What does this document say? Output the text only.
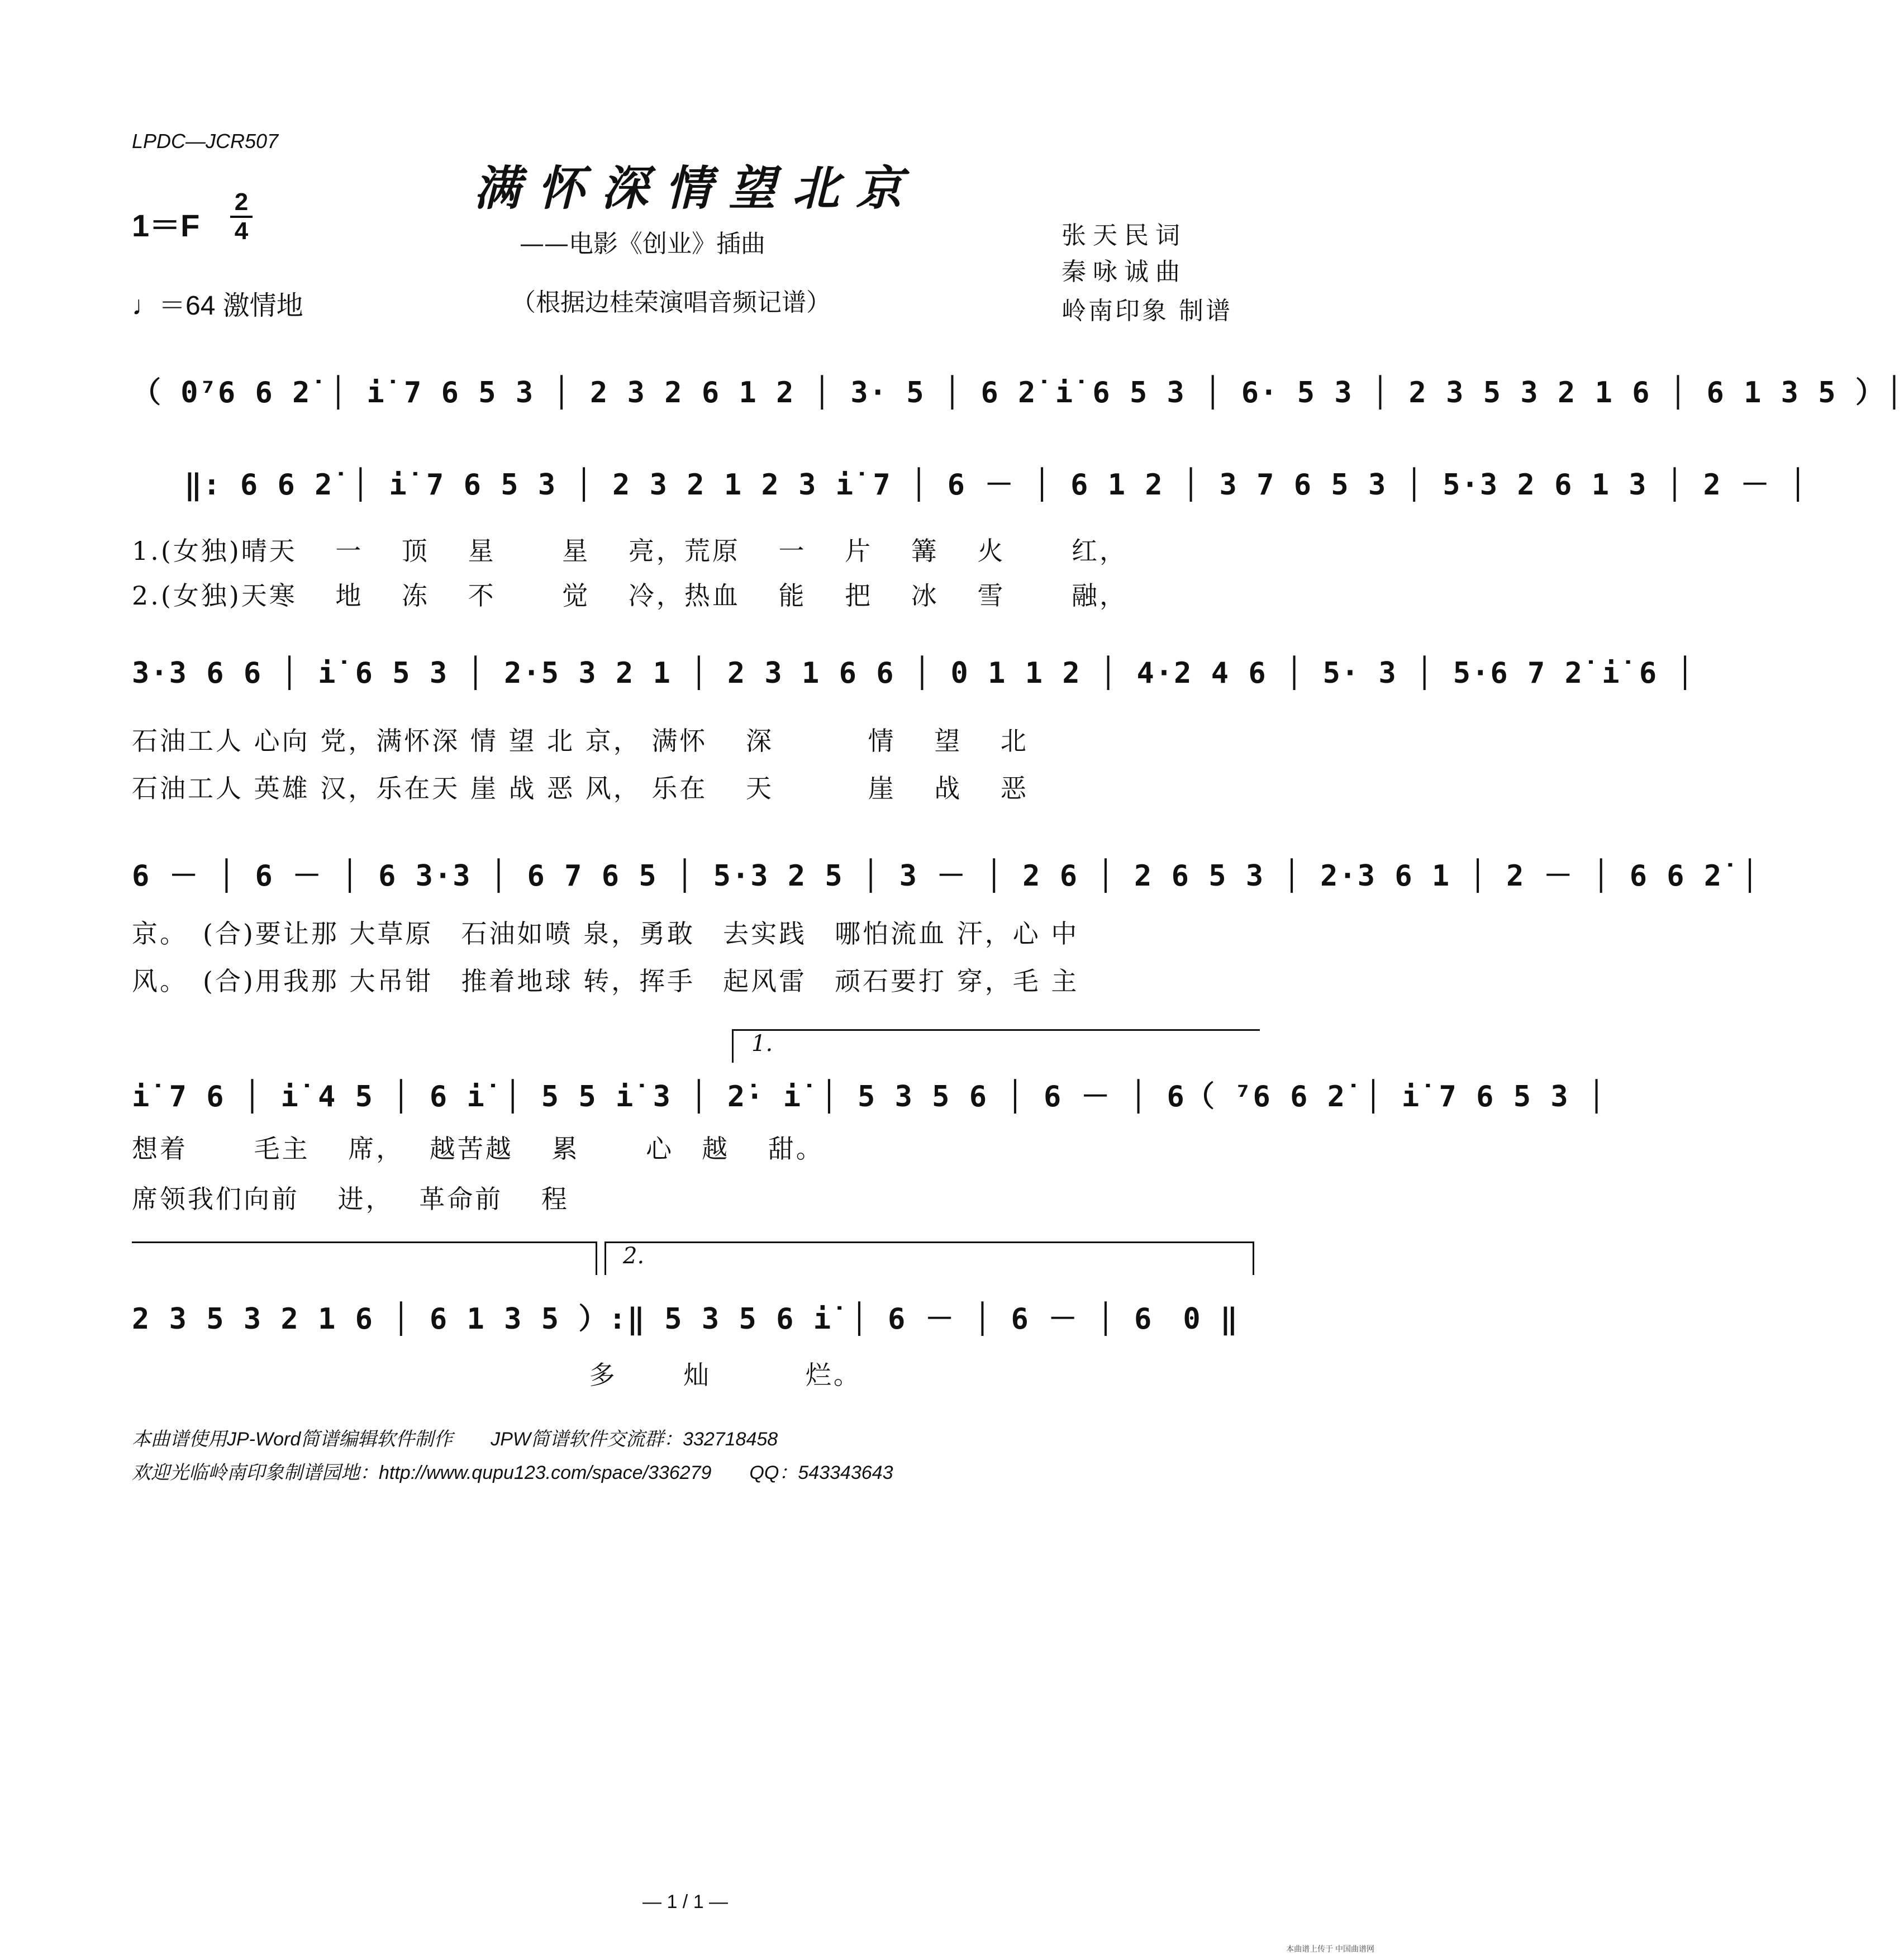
LPDC—JCR507
满怀深情望北京
——电影《创业》插曲
（根据边桂荣演唱音频记谱）
1＝F
2
4
♩＝64 激情地
张天民词
秦咏诚曲
岭南印象 制谱
（ 0⁷6 6 2̇ │ i̇ 7 6 5 3 │ 2 3 2 6 1 2 │ 3· 5 │ 6 2̇ i̇ 6 5 3 │ 6· 5 3 │ 2 3 5 3 2 1 6 │ 6 1 3 5 ）│
‖: 6 6 2̇ │ i̇ 7 6 5 3 │ 2 3 2 1 2 3 i̇ 7 │ 6 － │ 6 1 2 │ 3 7 6 5 3 │ 5·3 2 6 1 3 │ 2 － │
1.(女独)晴天　 一　 顶　 星　　 星　 亮，荒原　 一　 片　 篝　 火　　 红，
2.(女独)天寒　 地　 冻　 不　　 觉　 冷，热血　 能　 把　 冰　 雪　　 融，
3·3 6 6 │ i̇ 6 5 3 │ 2·5 3 2 1 │ 2 3 1 6 6 │ 0 1 1 2 │ 4·2 4 6 │ 5· 3 │ 5·6 7 2̇ i̇ 6 │
石油工人 心向 党，满怀深 情 望 北 京， 满怀　 深　　　 情　 望　 北
石油工人 英雄 汉，乐在天 崖 战 恶 风， 乐在　 天　　　 崖　 战　 恶
6 － │ 6 － │ 6 3·3 │ 6 7 6 5 │ 5·3 2 5 │ 3 － │ 2 6 │ 2 6 5 3 │ 2·3 6 1 │ 2 － │ 6 6 2̇ │
京。　(合)要让那 大草原　石油如喷 泉，勇敢　去实践　哪怕流血 汗，心 中
风。　(合)用我那 大吊钳　推着地球 转，挥手　起风雷　顽石要打 穿，毛 主
1.
i̇ 7 6 │ i̇ 4 5 │ 6 i̇ │ 5 5 i̇ 3 │ 2̇· i̇ │ 5 3 5 6 │ 6 － │ 6（ ⁷6 6 2̇ │ i̇ 7 6 5 3 │
想着　　 毛主　 席，　 越苦越　 累　　 心　越　 甜。
席领我们向前　 进，　 革命前　 程
2.
2 3 5 3 2 1 6 │ 6 1 3 5 ）:‖ 5 3 5 6 i̇ │ 6 － │ 6 － │ 6　0 ‖
　　　　　　　　　　　　　　　　 多　　 灿　　　 烂。
本曲谱使用JP-Word简谱编辑软件制作　　JPW简谱软件交流群：332718458
欢迎光临岭南印象制谱园地：http://www.qupu123.com/space/336279　　QQ：543343643
— 1 / 1 —
本曲谱上传于 中国曲谱网
